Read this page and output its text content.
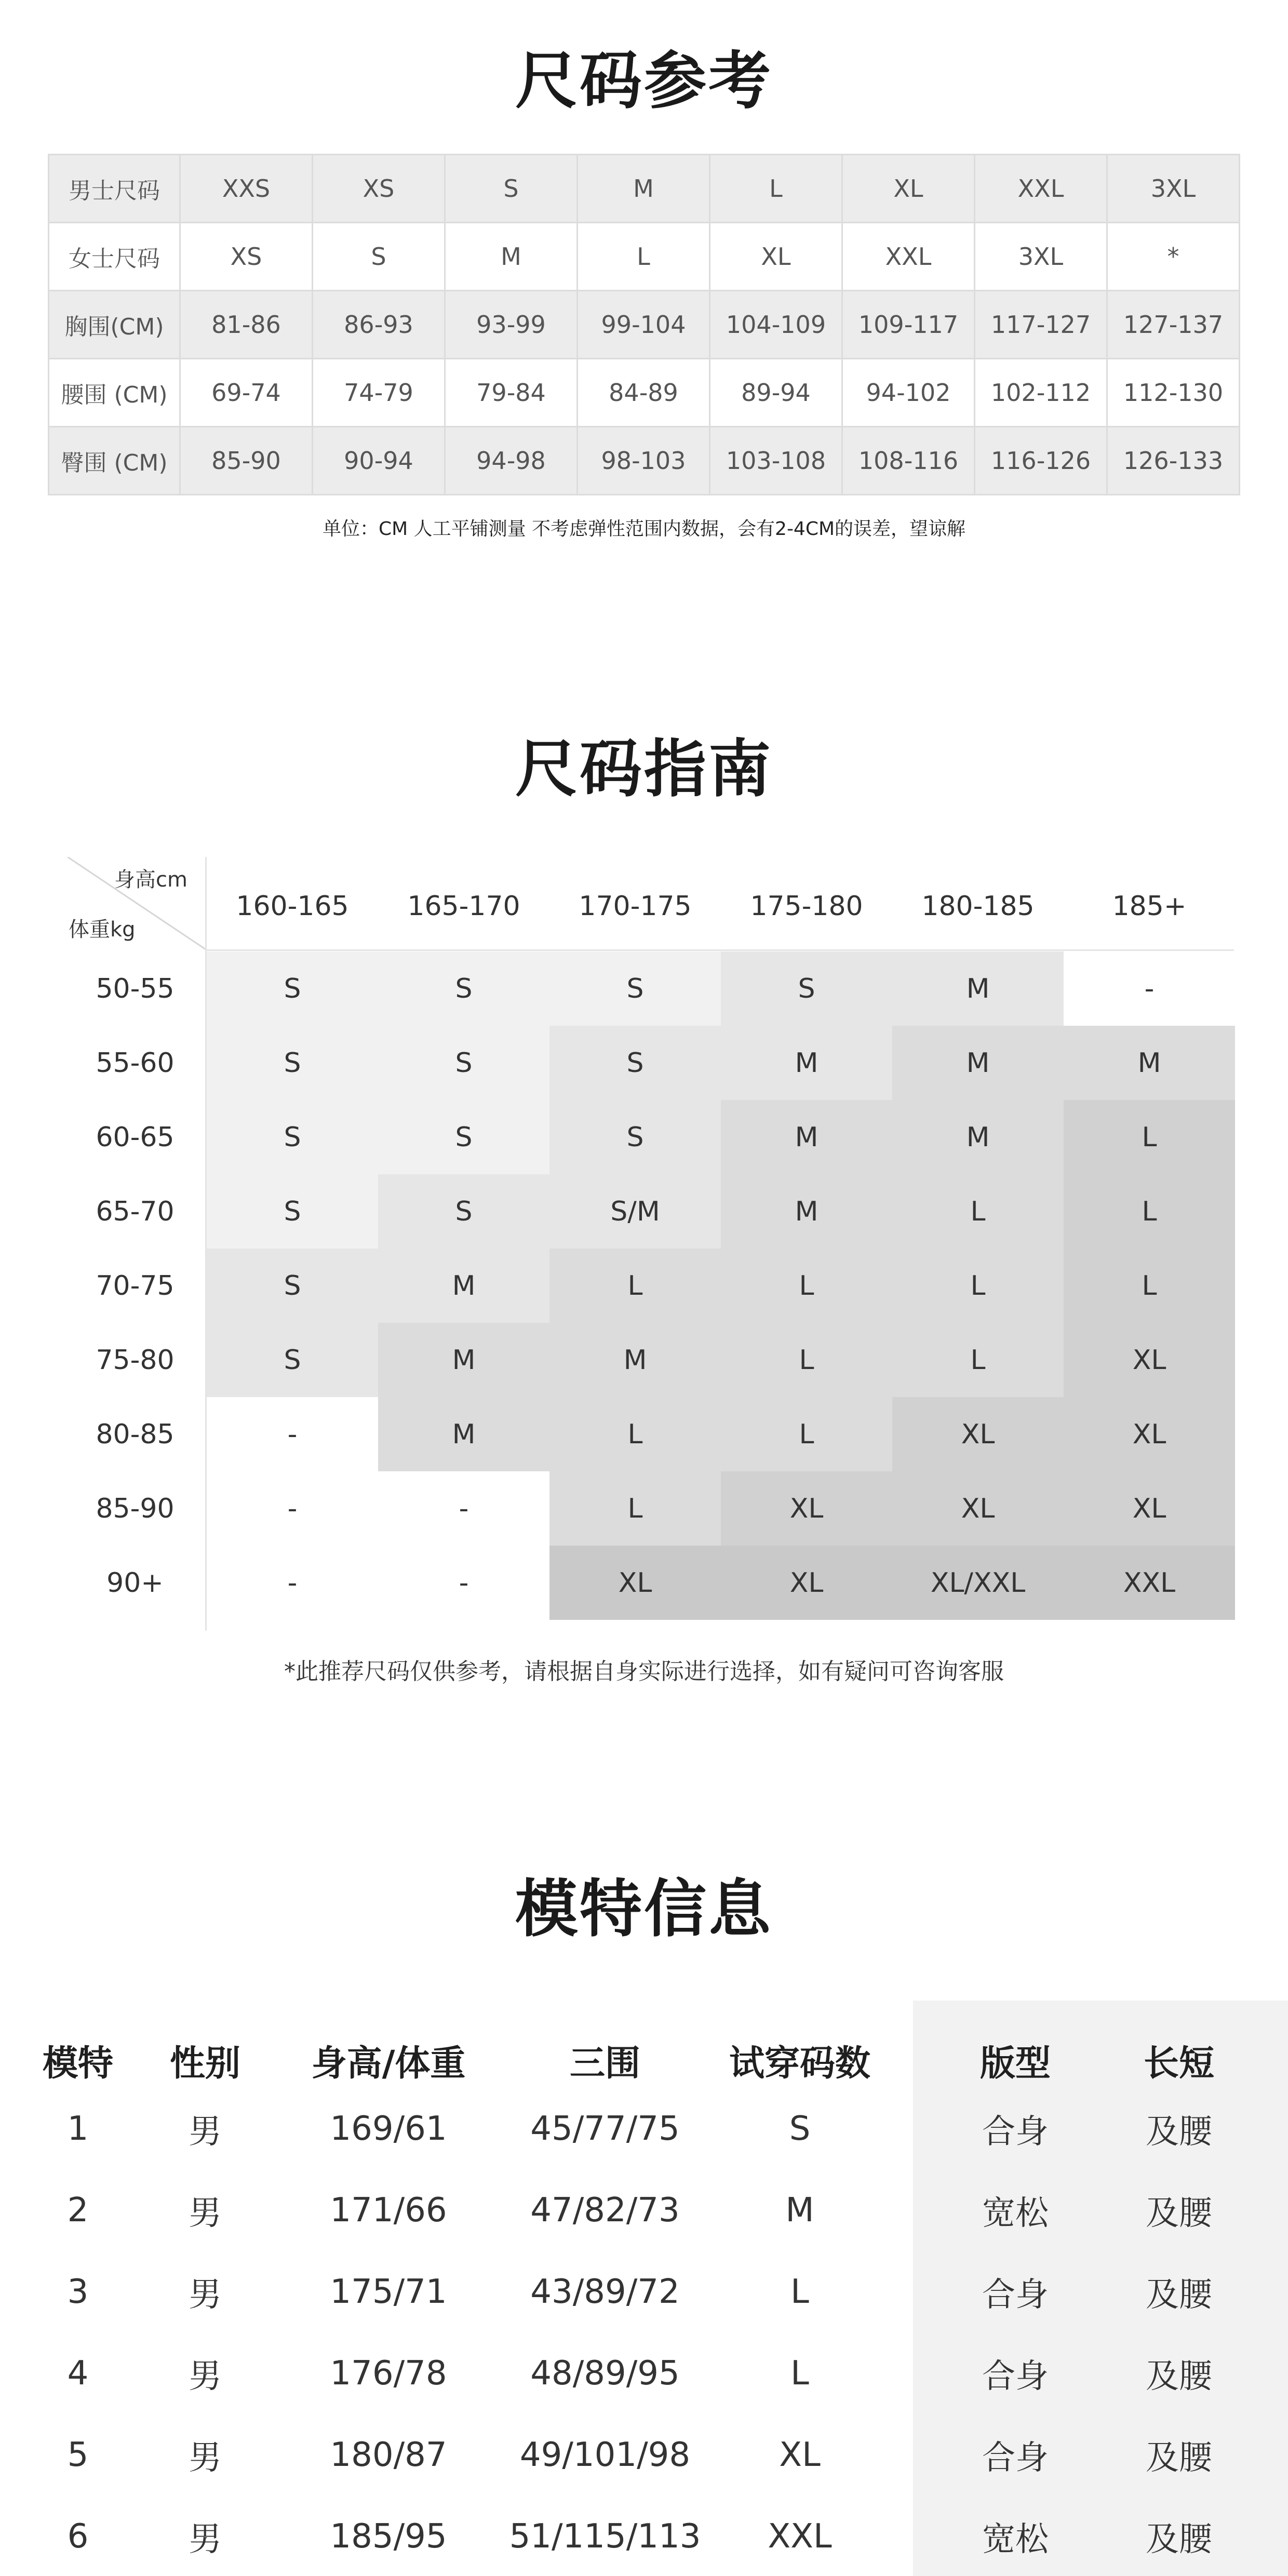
尺码参考
男士尺码	XXS	XS	S	M	L	XL	XXL	3XL
女士尺码	XS	S	M	L	XL	XXL	3XL	*
胸围(CM)	81-86	86-93	93-99	99-104	104-109	109-117	117-127	127-137
腰围 (CM)	69-74	74-79	79-84	84-89	89-94	94-102	102-112	112-130
臀围 (CM)	85-90	90-94	94-98	98-103	103-108	108-116	116-126	126-133
单位：CM 人工平铺测量 不考虑弹性范围内数据，会有2-4CM的误差，望谅解
尺码指南
身高cm
体重kg
160-165	165-170	170-175	175-180	180-185	185+
50-55	S	S	S	S	M	-
55-60	S	S	S	M	M	M
60-65	S	S	S	M	M	L
65-70	S	S	S/M	M	L	L
70-75	S	M	L	L	L	L
75-80	S	M	M	L	L	XL
80-85	-	M	L	L	XL	XL
85-90	-	-	L	XL	XL	XL
90+	-	-	XL	XL	XL/XXL	XXL
*此推荐尺码仅供参考，请根据自身实际进行选择，如有疑问可咨询客服
模特信息
模特	性别	身高/体重	三围	试穿码数	版型	长短
1	男	169/61	45/77/75	S	合身	及腰
2	男	171/66	47/82/73	M	宽松	及腰
3	男	175/71	43/89/72	L	合身	及腰
4	男	176/78	48/89/95	L	合身	及腰
5	男	180/87	49/101/98	XL	合身	及腰
6	男	185/95	51/115/113	XXL	宽松	及腰
